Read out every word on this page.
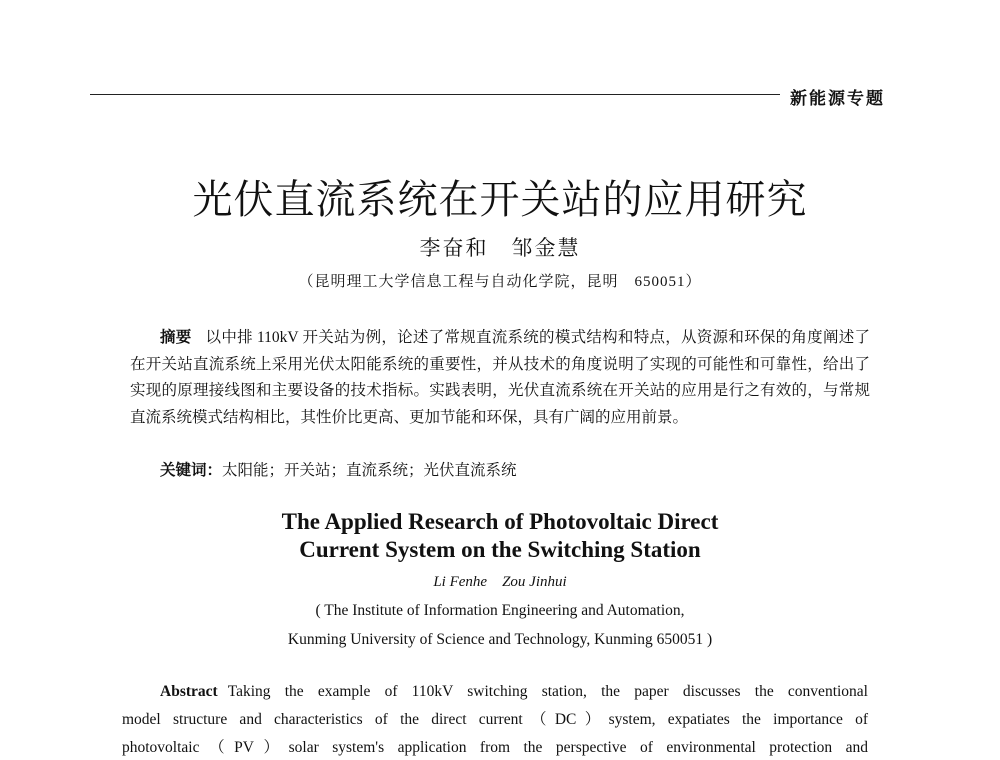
新能源专题
光伏直流系统在开关站的应用研究
李奋和　邹金慧
（昆明理工大学信息工程与自动化学院，昆明　650051）
摘要 以中排 110kV 开关站为例，论述了常规直流系统的模式结构和特点，从资源和环保的角度阐述了在开关站直流系统上采用光伏太阳能系统的重要性，并从技术的角度说明了实现的可能性和可靠性，给出了实现的原理接线图和主要设备的技术指标。实践表明，光伏直流系统在开关站的应用是行之有效的，与常规直流系统模式结构相比，其性价比更高、更加节能和环保，具有广阔的应用前景。
关键词：太阳能；开关站；直流系统；光伏直流系统
The Applied Research of Photovoltaic Direct
Current System on the Switching Station
Li Fenhe　Zou Jinhui
( The Institute of Information Engineering and Automation,
Kunming University of Science and Technology, Kunming 650051 )
Abstract Taking the example of 110kV switching station, the paper discusses the conventional
model structure and characteristics of the direct current（DC）system, expatiates the importance of
photovoltaic（PV）solar system's application from the perspective of environmental protection and
